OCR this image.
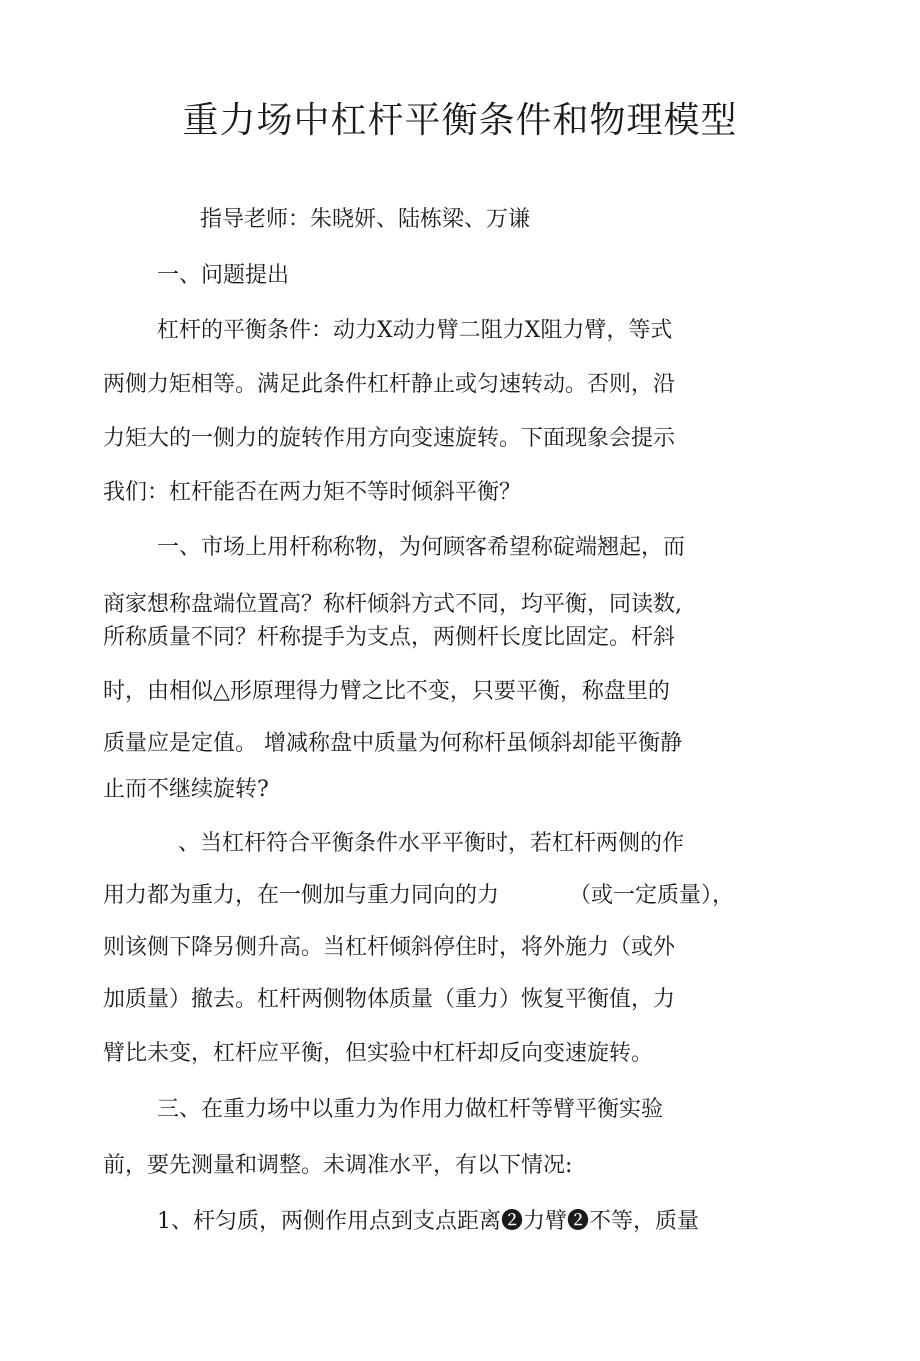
重力场中杠杆平衡条件和物理模型
指导老师：朱晓妍、陆栋梁、万谦
一、问题提出
杠杆的平衡条件：动力X动力臂二阻力X阻力臂，等式
两侧力矩相等。满足此条件杠杆静止或匀速转动。否则，沿
力矩大的一侧力的旋转作用方向变速旋转。下面现象会提示
我们：杠杆能否在两力矩不等时倾斜平衡？
一、市场上用杆称称物，为何顾客希望称碇端翘起，而
商家想称盘端位置高？称杆倾斜方式不同，均平衡，同读数,
所称质量不同？杆称提手为支点，两侧杆长度比固定。杆斜
时，由相似△形原理得力臂之比不变，只要平衡，称盘里的
质量应是定值。 增减称盘中质量为何称杆虽倾斜却能平衡静
止而不继续旋转?
、当杠杆符合平衡条件水平平衡时，若杠杆两侧的作
用力都为重力，在一侧加与重力同向的力	（或一定质量），
则该侧下降另侧升高。当杠杆倾斜停住时，将外施力（或外
加质量）撤去。杠杆两侧物体质量（重力）恢复平衡值，力
臂比未变，杠杆应平衡，但实验中杠杆却反向变速旋转。
三、在重力场中以重力为作用力做杠杆等臂平衡实验
前，要先测量和调整。未调准水平，有以下情况:
1、杆匀质，两侧作用点到支点距离❷力臂❷不等，质量
